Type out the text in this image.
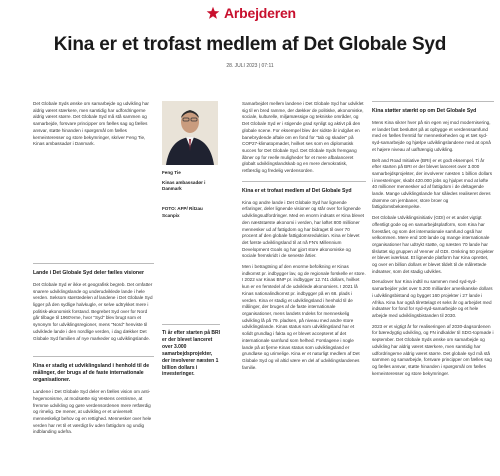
Arbejderen
Kina er et trofast medlem af Det Globale Syd
28. JULI 2023 | 07:11

Det Globale Syds ønske om samarbejde og udvikling har aldrig været stærkere, men samtidig har udfordringerne aldrig været større. Det Globale Syd må stå sammen og samarbejde, forsvare principper om fælles sag og fælles ansvar, støtte hinanden i spørgsmål om fælles kerneinteresser og store bekymringer, skriver Feng Tie, Kinas ambassadør i Danmark.

Lande i Det Globale Syd deler fælles visioner

Det Globale Syd er ikke et geografisk begreb. Det omfatter snarere udviklingslande og underudviklede lande i hele verden. Seksom størstedelen af landene i Det Globale Syd ligger på den sydlige halvkugle, er selve udtrykket mere i politisk-økonomisk forstand. Begrebet Syd over for Nord går tilbage til 1960'erne, hvor "Syd" blev brugt som et synonym for udviklingsregioner, mens "Nord" henviste til udviklede lande i den nordlige verden, i dag dækker Det Globale Syd familien af nye markeder og udviklingslande.

Kina er stadig et udviklingsland i henhold til de målinger, der brugs af de faste internationale organisationer.

Landene i Det Globale Syd deler en fælles vision om anti-hegemonisme, at modsætte sig Vestens centrisme, at fremme udvikling og gøre verdensordenen mere retfærdig og rimelig. De mener, at udvikling er et universelt menneskeligt behov og en rettighed. Mennesker over hele verden har ret til et værdigt liv uden fattigdom og undig indblanding udefra.

Feng Tie

Kinas ambassadør i Danmark

FOTO: AFP/ Ritzau Scanpix

Ti år efter starten på BRI er der blevet lanceret over 3.000 samarbejdsprojekter, der involverer næsten 1 billion dollars i investeringer.

Samarbejdet mellem landene i Det Globale Syd har udviklet sig til en bred ramme, der dækker de politiske, økonomiske, sociale, kulturelle, miljømæssige og tekniske områder, og Det Globale Syd er i stigende grad synligt og aktivt på den globale scene. For eksempel blev der sidste år indgået en banebrydende aftale om en fond for "tab og skader" på COP27-klimatopmødet, hvilket ses som en diplomatisk succes for Det Globale Syd. Det Globale Syds fremgang åbner op for reelle muligheder for et mere afbalanceret globalt udviklingslandskab og en mere demokratisk, retfærdig og fredelig verdensorden.

Kina er et trofast medlem af Det Globale Syd

Kina og andre lande i Det Globale Syd har lignende erfaringer, deler lignende visioner og står over for lignende udviklingsudfordringer. Med en enorm indsats er Kina blevet den næststørste økonomi i verden, har løftet 800 millioner mennesker ud af fattigdom og har bidraget til over 70 procent af den globale fattigdomsreduktion. Kina er blevet det første udviklingsland til at nå FN's Millennium Development Goals og har gjort store økonomiske og sociale fremskridt i de seneste årtier.

Men i betragtning af den enorme befolkning er Kinas indkomst pr. indbygger lav, og de regionale forskelle er store. I 2022 var Kinas BNP pr. indbygger 12.741 dollars, hvilket kun er en femtedel af de udviklede økonomiers. I 2021 lå Kinas nationalindkomst pr. indbygger på en 68. plads i verden. Kina er stadig et udviklingsland i henhold til de målinger, der bruges af de faste internationale organisationer, mens landets Indeks for menneskelig udvikling lå på 79. pladsen, på niveau med andre store udviklingslande. Kinas status som udviklingsland har et solidt grundlag i fakta og er blevet accepteret af det internationale samfund som helhed. Forslagene i nogle lande på at fjerne Kinas status som udviklingsland er grundløse og urimelige. Kina er et naturligt medlem af Det Globale Syd og vil altid være en del af udviklingslandenes familie.

Kina støtter stærkt op om Det Globale Syd

Mens Kina sikrer hver på sin egen vej mod modernisering, er landet fast besluttet på at opbygge et verdenssamfund med en fælles fremtid for menneskeheden og et tæt syd-syd-samarbejde og hjælpe udviklingslandene med at opnå et højere niveau af uafhængig udvikling.

Belt and Road Initiative (BRI) er et godt eksempel. Ti år efter starten på BRI er der blevet lanceret over 3.000 samarbejdsprojekter, der involverer næsten 1 billion dollars i investeringer, skabt 420.000 jobs og hjulpet mod at løfte 40 millioner mennesker ud af fattigdom i de deltagende lande. Mange udviklingslande har således realiseret deres drømme om jernbaner, store broer og fattigdomsbekæmpelse.

Det Globale Udviklingsinitiativ (GDI) er et andet vigtigt offentligt gode og en samarbejdsplatform, som Kina har forestået, og som det internationale samfund også har velkommen. Mere end 100 lande og mange internationale organisationer har udtrykt støtte, og næsten 70 lande har tilsluttet sig gruppen af Venner af GDI. Omkring 50 projekter er blevet iværksat. Et lignende platform har Kina oprettet, og over en billion dollars er blevet tildelt til de målrettede indsatser, som det stadig udvikles.

Derudover har Kina indtil nu sammen med syd-syd-samarbejder ydet over 5.200 milliarder amerikanske dollars i udviklingsbistand og bygget 160 projekter i 27 lande i Afrika. Kina har også tilrettelagt et seks år og arbejdet med indsatser for fond for syd-syd-samarbejde og et hele arbejde med udviklingsbistanden til 2030.

2023 er et vigtigt år for realiseringen af 2030-dagsordenen for bæredygtig udvikling, og FN indkalder til SDG-topmøde i september. Det Globale Syds ønske om samarbejde og udvikling har aldrig været stærkere, men samtidig har udfordringerne aldrig været større. Det globale syd må stå sammen og samarbejde, forsvare principper om fælles sag og fælles ansvar, støtte hinanden i spørgsmål om fælles kerneinteresser og store bekymringer.
